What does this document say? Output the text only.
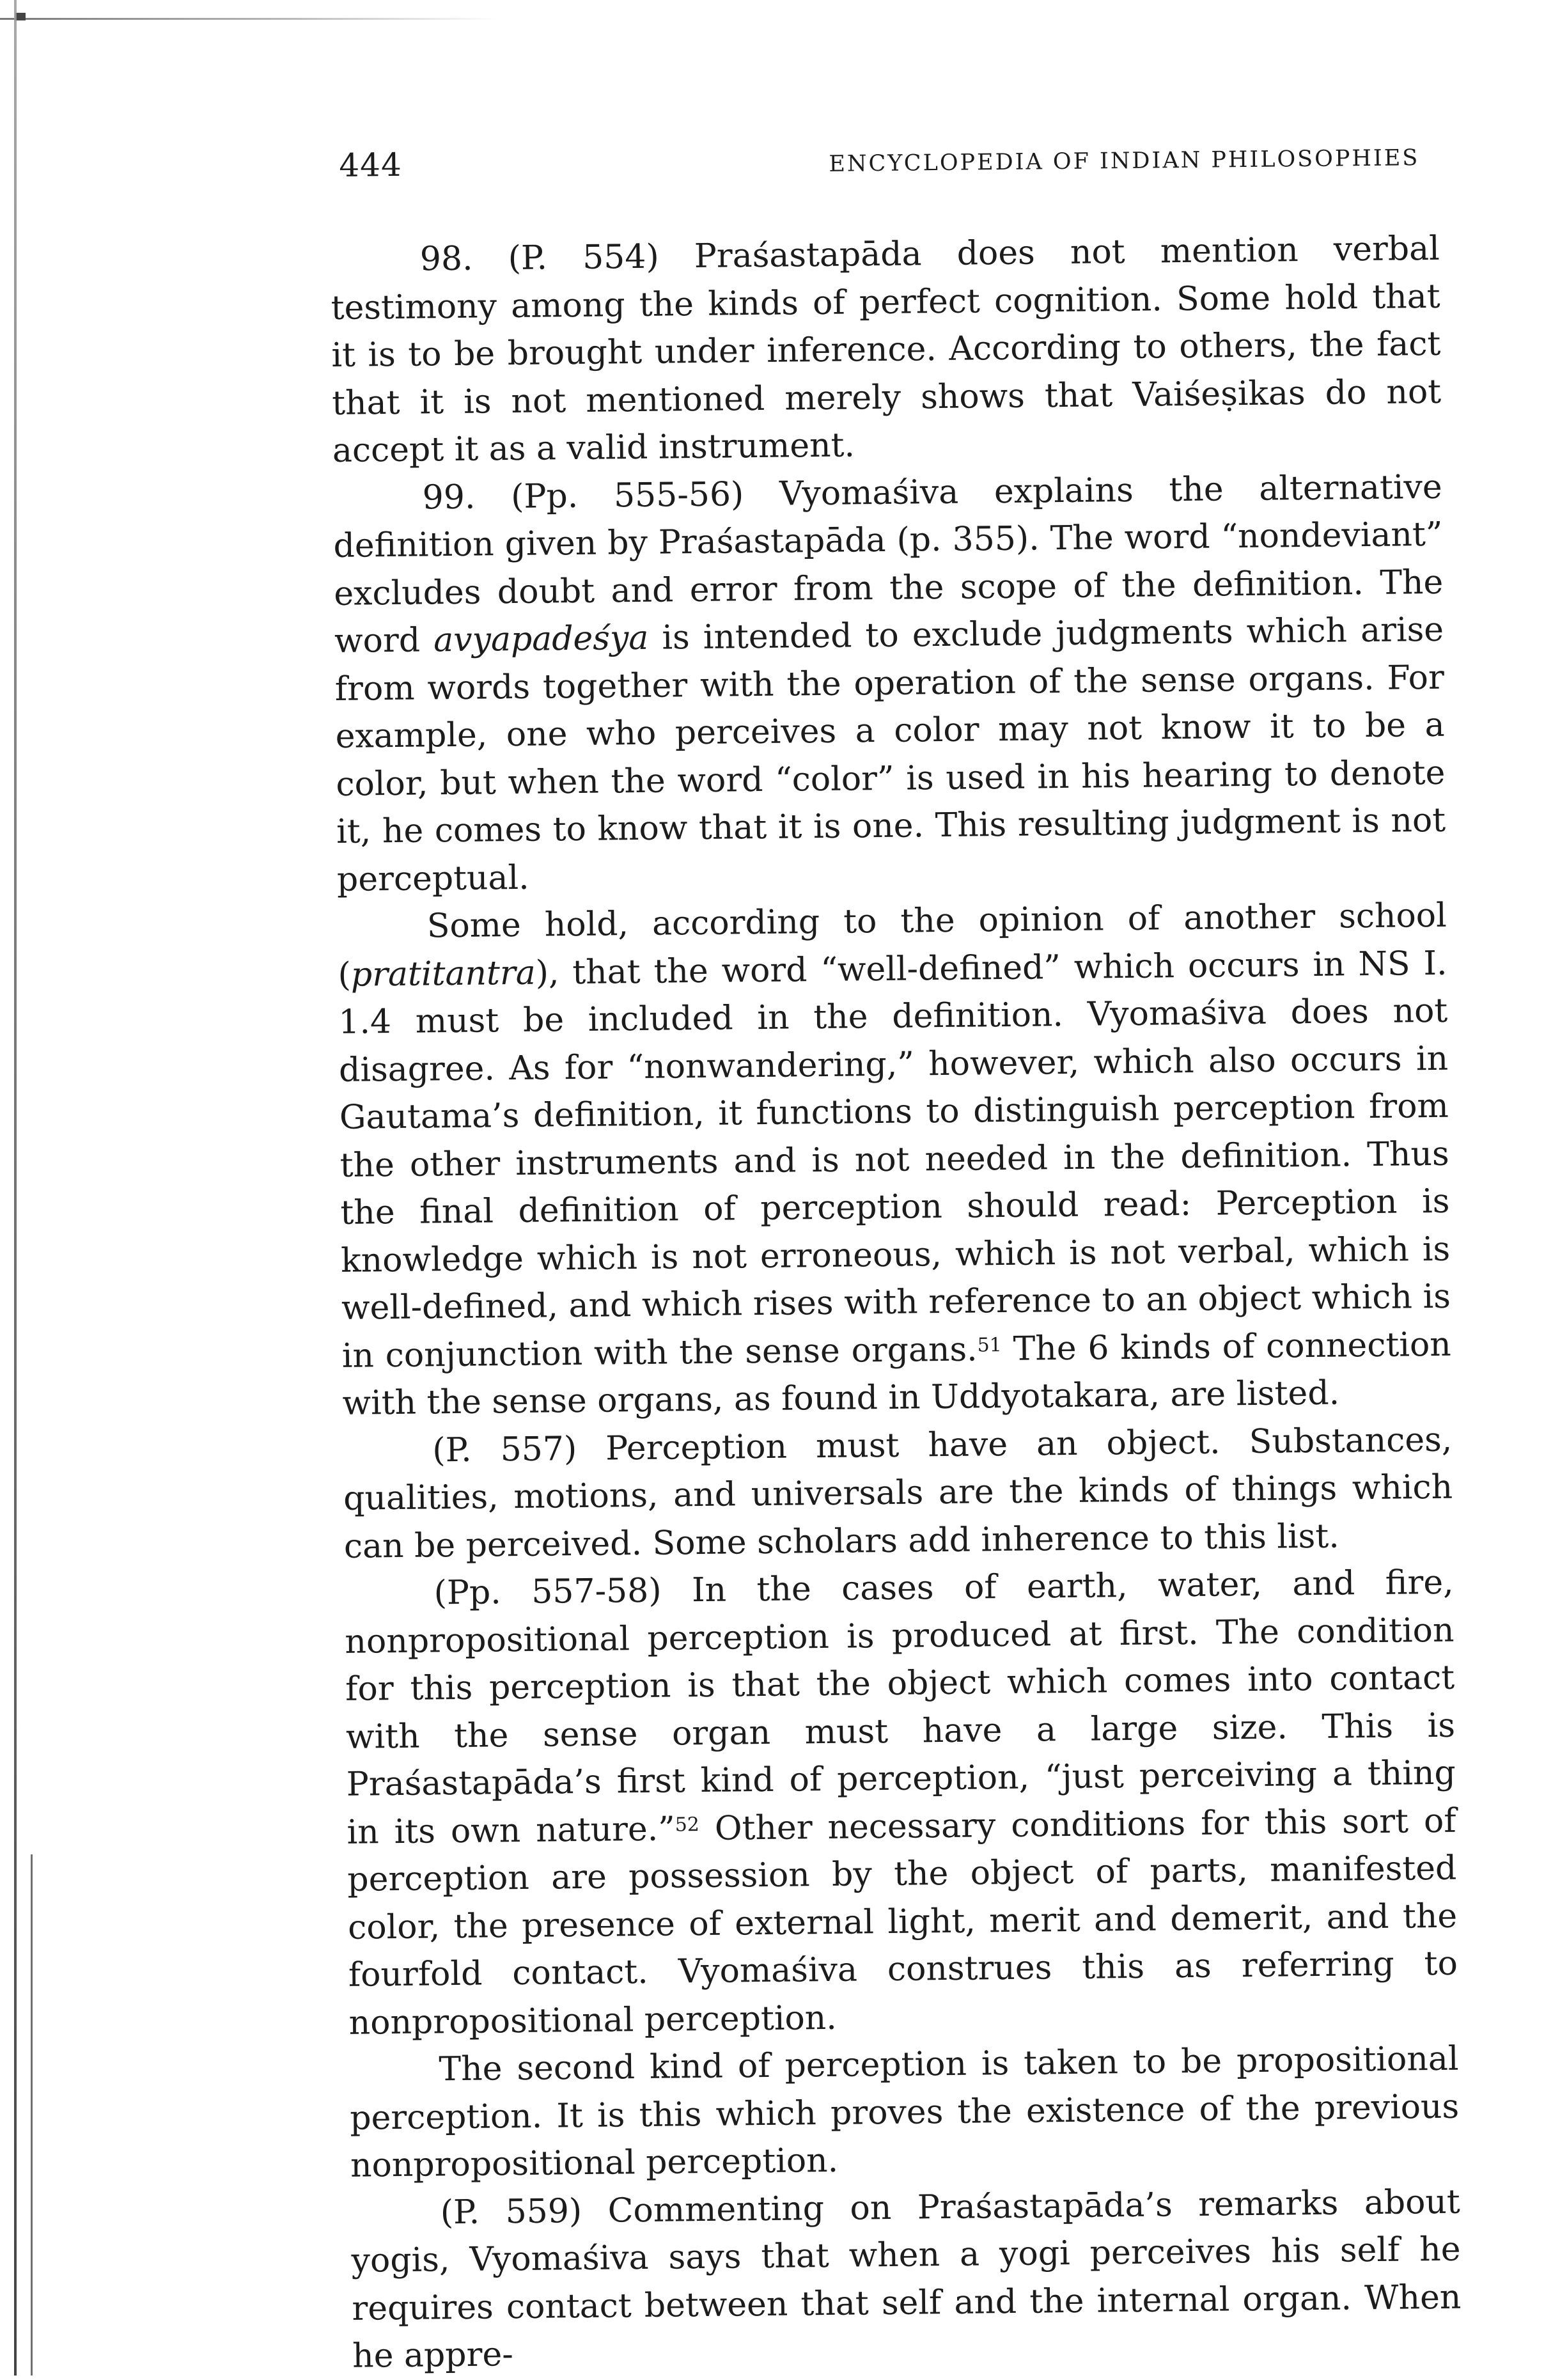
444	ENCYCLOPEDIA OF INDIAN PHILOSOPHIES

98. (P. 554) Praśastapāda does not mention verbal testimony among the kinds of perfect cognition. Some hold that it is to be brought under inference. According to others, the fact that it is not mentioned merely shows that Vaiśeṣikas do not accept it as a valid instrument.

99. (Pp. 555-56) Vyomaśiva explains the alternative definition given by Praśastapāda (p. 355). The word “nondeviant” excludes doubt and error from the scope of the definition. The word avyapadeśya is intended to exclude judgments which arise from words together with the operation of the sense organs. For example, one who perceives a color may not know it to be a color, but when the word “color” is used in his hearing to denote it, he comes to know that it is one. This resulting judgment is not perceptual.

Some hold, according to the opinion of another school (pratitantra), that the word “well-defined” which occurs in NS I. 1.4 must be included in the definition. Vyomaśiva does not disagree. As for “nonwandering,” however, which also occurs in Gautama’s definition, it functions to distinguish perception from the other instruments and is not needed in the definition. Thus the final definition of perception should read: Perception is knowledge which is not erroneous, which is not verbal, which is well-defined, and which rises with reference to an object which is in conjunction with the sense organs.$^{51}$ The 6 kinds of connection with the sense organs, as found in Uddyotakara, are listed.

(P. 557) Perception must have an object. Substances, qualities, motions, and universals are the kinds of things which can be perceived. Some scholars add inherence to this list.

(Pp. 557-58) In the cases of earth, water, and fire, nonpropositional perception is produced at first. The condition for this perception is that the object which comes into contact with the sense organ must have a large size. This is Praśastapāda’s first kind of perception, “just perceiving a thing in its own nature.”$^{52}$ Other necessary conditions for this sort of perception are possession by the object of parts, manifested color, the presence of external light, merit and demerit, and the fourfold contact. Vyomaśiva construes this as referring to nonpropositional perception.

The second kind of perception is taken to be propositional perception. It is this which proves the existence of the previous nonpropositional perception.

(P. 559) Commenting on Praśastapāda’s remarks about yogis, Vyomaśiva says that when a yogi perceives his self he requires contact between that self and the internal organ. When he appre-
